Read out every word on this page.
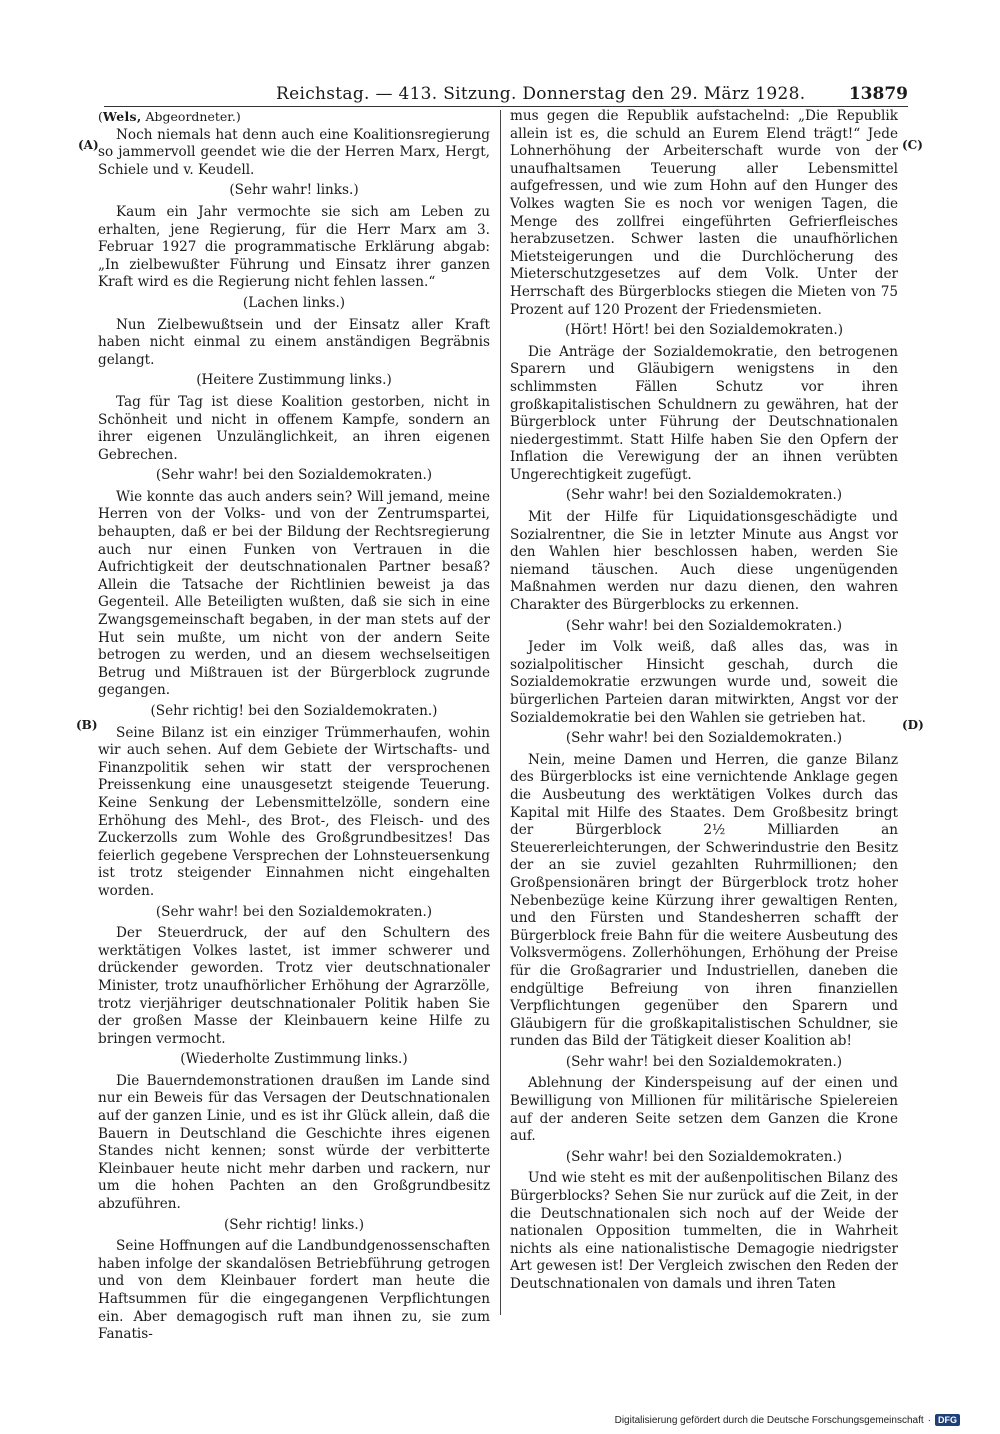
Reichstag. — 413. Sitzung. Donnerstag den 29. März 1928.	13879
(A)
(B)
(C)
(D)
(Wels, Abgeordneter.)

Noch niemals hat denn auch eine Koalitionsregierung so jammervoll geendet wie die der Herren Marx, Hergt, Schiele und v. Keudell.

(Sehr wahr! links.)

Kaum ein Jahr vermochte sie sich am Leben zu erhalten, jene Regierung, für die Herr Marx am 3. Februar 1927 die programmatische Erklärung abgab: „In zielbewußter Führung und Einsatz ihrer ganzen Kraft wird es die Regierung nicht fehlen lassen.“

(Lachen links.)

Nun Zielbewußtsein und der Einsatz aller Kraft haben nicht einmal zu einem anständigen Begräbnis gelangt.

(Heitere Zustimmung links.)

Tag für Tag ist diese Koalition gestorben, nicht in Schönheit und nicht in offenem Kampfe, sondern an ihrer eigenen Unzulänglichkeit, an ihren eigenen Gebrechen.

(Sehr wahr! bei den Sozialdemokraten.)

Wie konnte das auch anders sein? Will jemand, meine Herren von der Volks- und von der Zentrumspartei, behaupten, daß er bei der Bildung der Rechtsregierung auch nur einen Funken von Vertrauen in die Aufrichtigkeit der deutschnationalen Partner besaß? Allein die Tatsache der Richtlinien beweist ja das Gegenteil. Alle Beteiligten wußten, daß sie sich in eine Zwangsgemeinschaft begaben, in der man stets auf der Hut sein mußte, um nicht von der andern Seite betrogen zu werden, und an diesem wechselseitigen Betrug und Mißtrauen ist der Bürgerblock zugrunde gegangen.

(Sehr richtig! bei den Sozialdemokraten.)

Seine Bilanz ist ein einziger Trümmerhaufen, wohin wir auch sehen. Auf dem Gebiete der Wirtschafts- und Finanzpolitik sehen wir statt der versprochenen Preissenkung eine unausgesetzt steigende Teuerung. Keine Senkung der Lebensmittelzölle, sondern eine Erhöhung des Mehl-, des Brot-, des Fleisch- und des Zuckerzolls zum Wohle des Großgrundbesitzes! Das feierlich gegebene Versprechen der Lohnsteuersenkung ist trotz steigender Einnahmen nicht eingehalten worden.

(Sehr wahr! bei den Sozialdemokraten.)

Der Steuerdruck, der auf den Schultern des werktätigen Volkes lastet, ist immer schwerer und drückender geworden. Trotz vier deutschnationaler Minister, trotz unaufhörlicher Erhöhung der Agrarzölle, trotz vierjähriger deutschnationaler Politik haben Sie der großen Masse der Kleinbauern keine Hilfe zu bringen vermocht.

(Wiederholte Zustimmung links.)

Die Bauerndemonstrationen draußen im Lande sind nur ein Beweis für das Versagen der Deutschnationalen auf der ganzen Linie, und es ist ihr Glück allein, daß die Bauern in Deutschland die Geschichte ihres eigenen Standes nicht kennen; sonst würde der verbitterte Kleinbauer heute nicht mehr darben und rackern, nur um die hohen Pachten an den Großgrundbesitz abzuführen.

(Sehr richtig! links.)

Seine Hoffnungen auf die Landbundgenossenschaften haben infolge der skandalösen Betriebführung getrogen und von dem Kleinbauer fordert man heute die Haftsummen für die eingegangenen Verpflichtungen ein. Aber demagogisch ruft man ihnen zu, sie zum Fanatis-

mus gegen die Republik aufstachelnd: „Die Republik allein ist es, die schuld an Eurem Elend trägt!“ Jede Lohnerhöhung der Arbeiterschaft wurde von der unaufhaltsamen Teuerung aller Lebensmittel aufgefressen, und wie zum Hohn auf den Hunger des Volkes wagten Sie es noch vor wenigen Tagen, die Menge des zollfrei eingeführten Gefrierfleisches herabzusetzen. Schwer lasten die unaufhörlichen Mietsteigerungen und die Durchlöcherung des Mieterschutzgesetzes auf dem Volk. Unter der Herrschaft des Bürgerblocks stiegen die Mieten von 75 Prozent auf 120 Prozent der Friedensmieten.

(Hört! Hört! bei den Sozialdemokraten.)

Die Anträge der Sozialdemokratie, den betrogenen Sparern und Gläubigern wenigstens in den schlimmsten Fällen Schutz vor ihren großkapitalistischen Schuldnern zu gewähren, hat der Bürgerblock unter Führung der Deutschnationalen niedergestimmt. Statt Hilfe haben Sie den Opfern der Inflation die Verewigung der an ihnen verübten Ungerechtigkeit zugefügt.

(Sehr wahr! bei den Sozialdemokraten.)

Mit der Hilfe für Liquidationsgeschädigte und Sozialrentner, die Sie in letzter Minute aus Angst vor den Wahlen hier beschlossen haben, werden Sie niemand täuschen. Auch diese ungenügenden Maßnahmen werden nur dazu dienen, den wahren Charakter des Bürgerblocks zu erkennen.

(Sehr wahr! bei den Sozialdemokraten.)

Jeder im Volk weiß, daß alles das, was in sozialpolitischer Hinsicht geschah, durch die Sozialdemokratie erzwungen wurde und, soweit die bürgerlichen Parteien daran mitwirkten, Angst vor der Sozialdemokratie bei den Wahlen sie getrieben hat.

(Sehr wahr! bei den Sozialdemokraten.)

Nein, meine Damen und Herren, die ganze Bilanz des Bürgerblocks ist eine vernichtende Anklage gegen die Ausbeutung des werktätigen Volkes durch das Kapital mit Hilfe des Staates. Dem Großbesitz bringt der Bürgerblock 2½ Milliarden an Steuererleichterungen, der Schwerindustrie den Besitz der an sie zuviel gezahlten Ruhrmillionen; den Großpensionären bringt der Bürgerblock trotz hoher Nebenbezüge keine Kürzung ihrer gewaltigen Renten, und den Fürsten und Standesherren schafft der Bürgerblock freie Bahn für die weitere Ausbeutung des Volksvermögens. Zollerhöhungen, Erhöhung der Preise für die Großagrarier und Industriellen, daneben die endgültige Befreiung von ihren finanziellen Verpflichtungen gegenüber den Sparern und Gläubigern für die großkapitalistischen Schuldner, sie runden das Bild der Tätigkeit dieser Koalition ab!

(Sehr wahr! bei den Sozialdemokraten.)

Ablehnung der Kinderspeisung auf der einen und Bewilligung von Millionen für militärische Spielereien auf der anderen Seite setzen dem Ganzen die Krone auf.

(Sehr wahr! bei den Sozialdemokraten.)

Und wie steht es mit der außenpolitischen Bilanz des Bürgerblocks? Sehen Sie nur zurück auf die Zeit, in der die Deutschnationalen sich noch auf der Weide der nationalen Opposition tummelten, die in Wahrheit nichts als eine nationalistische Demagogie niedrigster Art gewesen ist! Der Vergleich zwischen den Reden der Deutschnationalen von damals und ihren Taten

Digitalisierung gefördert durch die Deutsche Forschungsgemeinschaft · DFG
